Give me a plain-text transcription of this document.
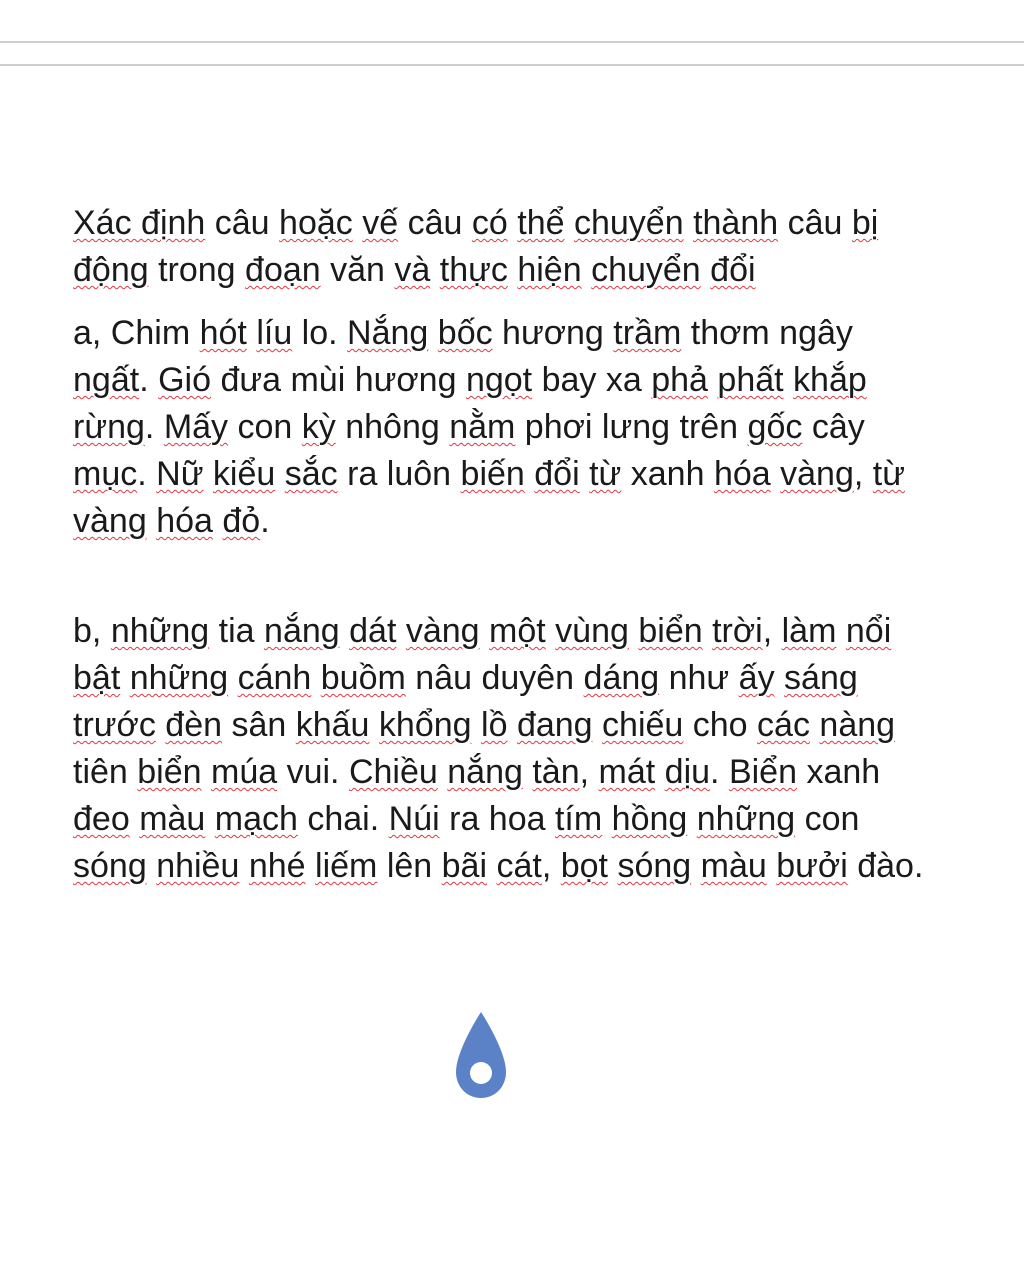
Xác định câu hoặc vế câu có thể chuyển thành câu bị động trong đoạn văn và thực hiện chuyển đổi

a, Chim hót líu lo. Nắng bốc hương trầm thơm ngây ngất. Gió đưa mùi hương ngọt bay xa phả phất khắp rừng. Mấy con kỳ nhông nằm phơi lưng trên gốc cây mục. Nữ kiểu sắc ra luôn biến đổi từ xanh hóa vàng, từ vàng hóa đỏ.

b, những tia nắng dát vàng một vùng biển trời, làm nổi bật những cánh buồm nâu duyên dáng như ấy sáng trước đèn sân khấu khổng lồ đang chiếu cho các nàng tiên biển múa vui. Chiều nắng tàn, mát dịu. Biển xanh đeo màu mạch chai. Núi ra hoa tím hồng những con sóng nhiều nhé liếm lên bãi cát, bọt sóng màu bưởi đào.
